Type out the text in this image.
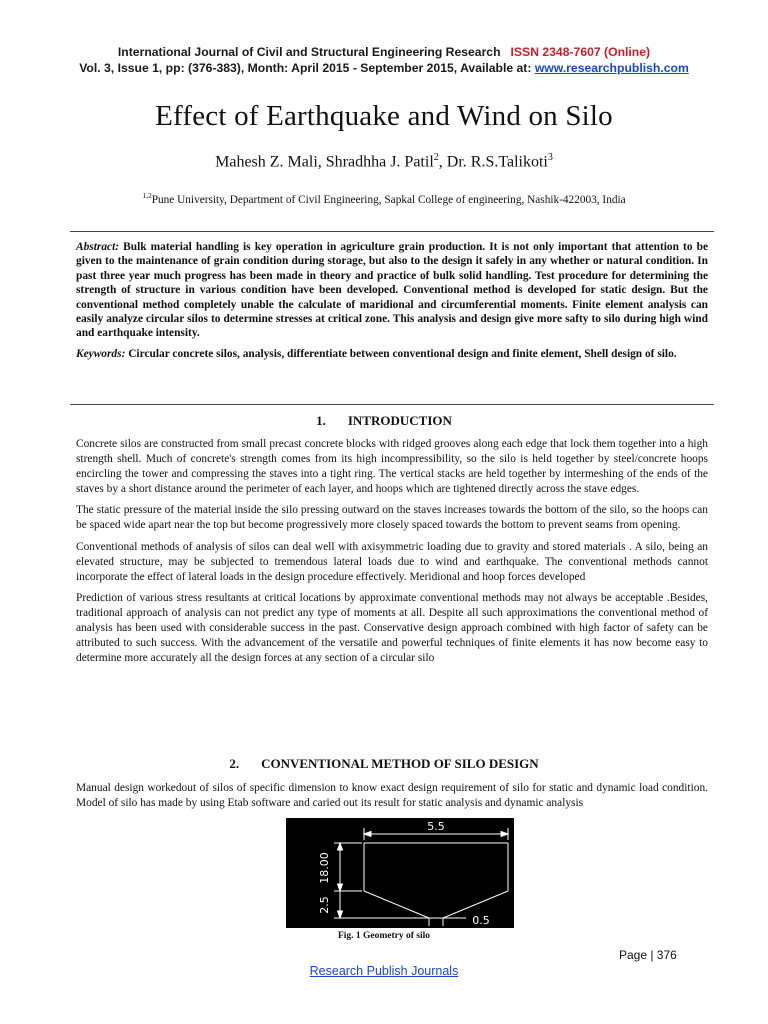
International Journal of Civil and Structural Engineering Research ISSN 2348-7607 (Online)
Vol. 3, Issue 1, pp: (376-383), Month: April 2015 - September 2015, Available at: www.researchpublish.com
Effect of Earthquake and Wind on Silo
Mahesh Z. Mali, Shradhha J. Patil$^2$, Dr. R.S.Talikoti$^3$
$^{1,2}$Pune University, Department of Civil Engineering, Sapkal College of engineering, Nashik-422003, India

Abstract: Bulk material handling is key operation in agriculture grain production. It is not only important that attention to be given to the maintenance of grain condition during storage, but also to the design it safely in any whether or natural condition. In past three year much progress has been made in theory and practice of bulk solid handling. Test procedure for determining the strength of structure in various condition have been developed. Conventional method is developed for static design. But the conventional method completely unable the calculate of maridional and circumferential moments. Finite element analysis can easily analyze circular silos to determine stresses at critical zone. This analysis and design give more safty to silo during high wind and earthquake intensity.

Keywords: Circular concrete silos, analysis, differentiate between conventional design and finite element, Shell design of silo.

1. INTRODUCTION

Concrete silos are constructed from small precast concrete blocks with ridged grooves along each edge that lock them together into a high strength shell. Much of concrete's strength comes from its high incompressibility, so the silo is held together by steel/concrete hoops encircling the tower and compressing the staves into a tight ring. The vertical stacks are held together by intermeshing of the ends of the staves by a short distance around the perimeter of each layer, and hoops which are tightened directly across the stave edges.

The static pressure of the material inside the silo pressing outward on the staves increases towards the bottom of the silo, so the hoops can be spaced wide apart near the top but become progressively more closely spaced towards the bottom to prevent seams from opening.

Conventional methods of analysis of silos can deal well with axisymmetric loading due to gravity and stored materials . A silo, being an elevated structure, may be subjected to tremendous lateral loads due to wind and earthquake. The conventional methods cannot incorporate the effect of lateral loads in the design procedure effectively. Meridional and hoop forces developed

Prediction of various stress resultants at critical locations by approximate conventional methods may not always be acceptable .Besides, traditional approach of analysis can not predict any type of moments at all. Despite all such approximations the conventional method of analysis has been used with considerable success in the past. Conservative design approach combined with high factor of safety can be attributed to such success. With the advancement of the versatile and powerful techniques of finite elements it has now become easy to determine more accurately all the design forces at any section of a circular silo

2. CONVENTIONAL METHOD OF SILO DESIGN

Manual design workedout of silos of specific dimension to know exact design requirement of silo for static and dynamic load condition. Model of silo has made by using Etab software and caried out its result for static analysis and dynamic analysis

5.5
18.00
2.5
0.5
Fig. 1 Geometry of silo
Page | 376
Research Publish Journals
